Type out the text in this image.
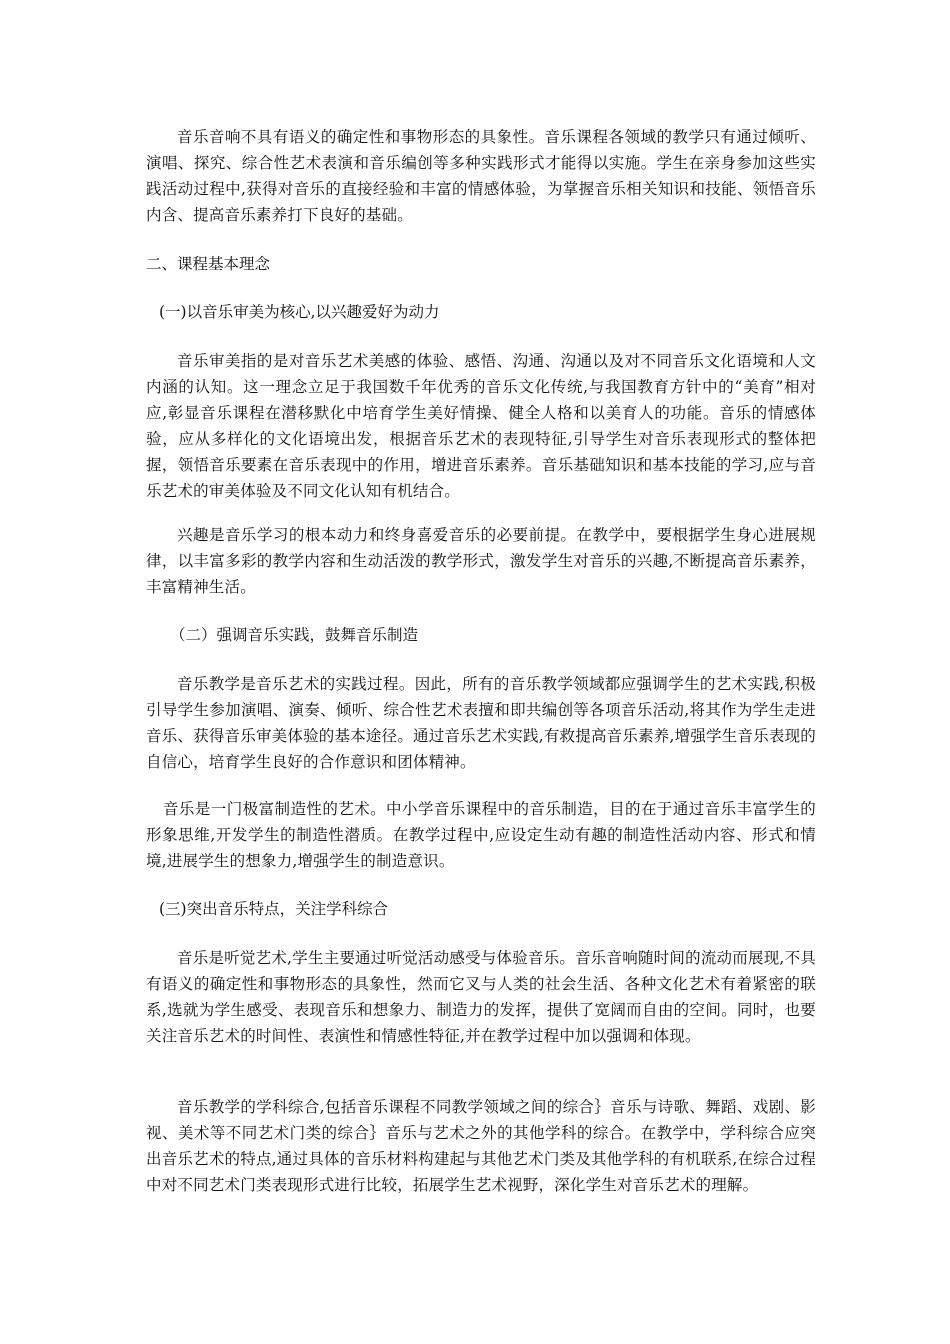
音乐音响不具有语义的确定性和事物形态的具象性。音乐课程各领域的教学只有通过倾听、演唱、探究、综合性艺术表演和音乐编创等多种实践形式才能得以实施。学生在亲身参加这些实践活动过程中,获得对音乐的直接经验和丰富的情感体验，为掌握音乐相关知识和技能、领悟音乐内含、提高音乐素养打下良好的基础。

二、课程基本理念
(一)以音乐审美为核心,以兴趣爱好为动力

音乐审美指的是对音乐艺术美感的体验、感悟、沟通、沟通以及对不同音乐文化语境和人文内涵的认知。这一理念立足于我国数千年优秀的音乐文化传统,与我国教育方针中的“美育”相对应,彰显音乐课程在潜移默化中培育学生美好情操、健全人格和以美育人的功能。音乐的情感体验，应从多样化的文化语境出发，根据音乐艺术的表现特征,引导学生对音乐表现形式的整体把握，领悟音乐要素在音乐表现中的作用，增进音乐素养。音乐基础知识和基本技能的学习,应与音乐艺术的审美体验及不同文化认知有机结合。

兴趣是音乐学习的根本动力和终身喜爱音乐的必要前提。在教学中，要根据学生身心进展规律，以丰富多彩的教学内容和生动活泼的教学形式，激发学生对音乐的兴趣,不断提高音乐素养，丰富精神生活。

（二）强调音乐实践，鼓舞音乐制造

音乐教学是音乐艺术的实践过程。因此，所有的音乐教学领域都应强调学生的艺术实践,积极引导学生参加演唱、演奏、倾听、综合性艺术表擅和即共编创等各项音乐活动,将其作为学生走进音乐、获得音乐审美体验的基本途径。通过音乐艺术实践,有救提高音乐素养,增强学生音乐表现的自信心，培育学生良好的合作意识和团体精神。

音乐是一门极富制造性的艺术。中小学音乐课程中的音乐制造，目的在于通过音乐丰富学生的形象思维,开发学生的制造性潜质。在教学过程中,应设定生动有趣的制造性活动内容、形式和情境,进展学生的想象力,增强学生的制造意识。

(三)突出音乐特点，关注学科综合

音乐是听觉艺术,学生主要通过听觉活动感受与体验音乐。音乐音响随时间的流动而展现,不具有语义的确定性和事物形态的具象性，然而它叉与人类的社会生活、各种文化艺术有着紧密的联系,选就为学生感受、表现音乐和想象力、制造力的发挥，提供了宽阔而自由的空间。同时，也要关注音乐艺术的时间性、表演性和情感性特征,并在教学过程中加以强调和体现。

音乐教学的学科综合,包括音乐课程不同教学领域之间的综合｝音乐与诗歌、舞蹈、戏剧、影视、美术等不同艺术门类的综合｝音乐与艺术之外的其他学科的综合。在教学中，学科综合应突出音乐艺术的特点,通过具体的音乐材料构建起与其他艺术门类及其他学科的有机联系,在综合过程中对不同艺术门类表现形式进行比较，拓展学生艺术视野，深化学生对音乐艺术的理解。
